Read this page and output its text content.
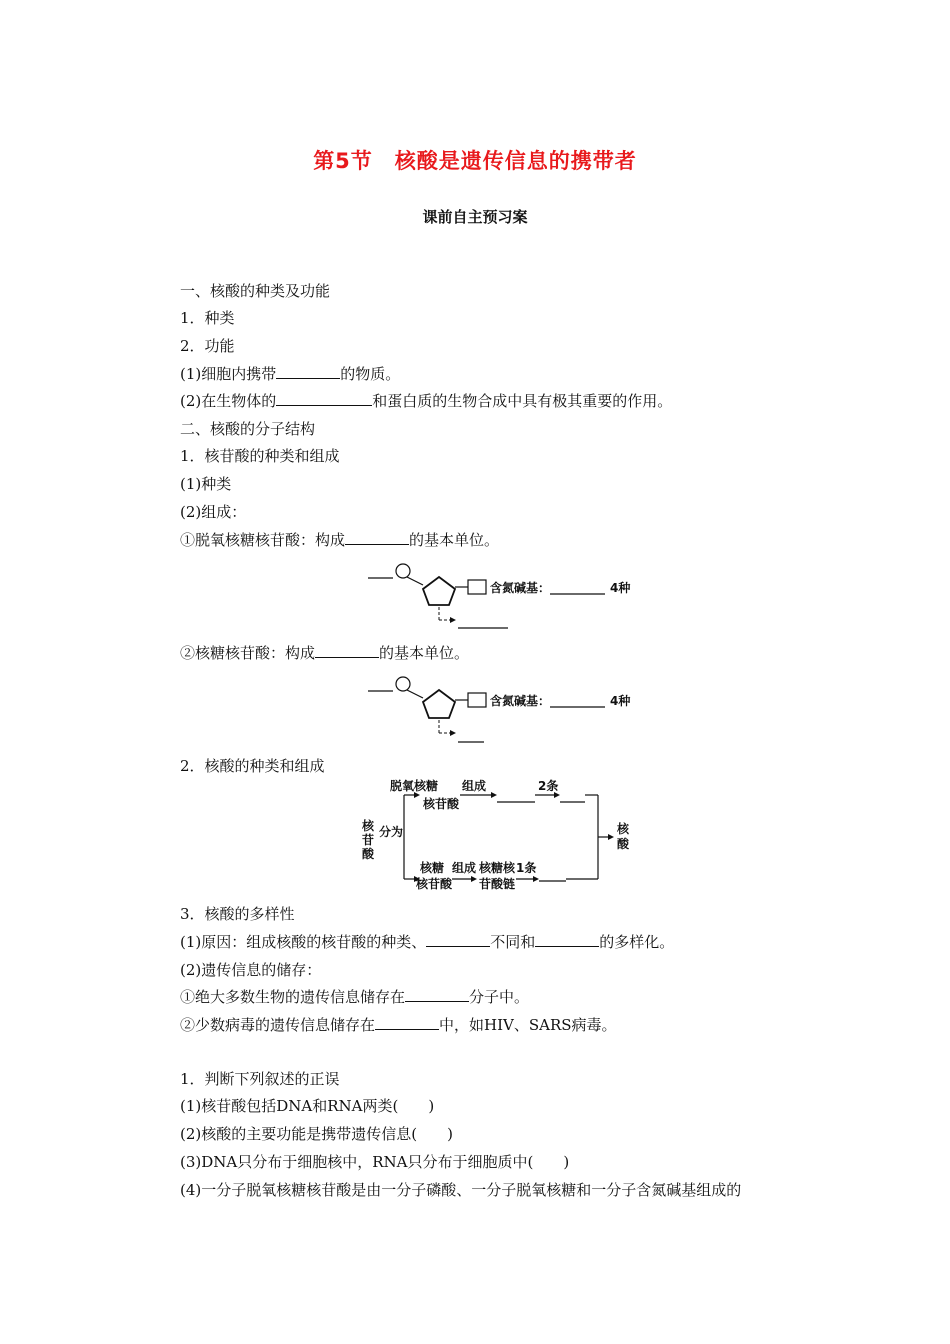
第5节　核酸是遗传信息的携带者
课前自主预习案
一、核酸的种类及功能
1．种类
2．功能
(1)细胞内携带	的物质。
(2)在生物体的	和蛋白质的生物合成中具有极其重要的作用。
二、核酸的分子结构
1．核苷酸的种类和组成
(1)种类
(2)组成：
①脱氧核糖核苷酸：构成	的基本单位。
含氮碱基：	4种
②核糖核苷酸：构成	的基本单位。
含氮碱基：	4种
2．核酸的种类和组成
核
苷
酸
分为
脱氧核糖
核苷酸
组成	2条
核糖
核苷酸
组成 核糖核
苷酸链
1条
核
酸
3．核酸的多样性
(1)原因：组成核酸的核苷酸的种类、	不同和	的多样化。
(2)遗传信息的储存：
①绝大多数生物的遗传信息储存在	分子中。
②少数病毒的遗传信息储存在	中，如HIV、SARS病毒。
1．判断下列叙述的正误
(1)核苷酸包括DNA和RNA两类(　　)
(2)核酸的主要功能是携带遗传信息(　　)
(3)DNA只分布于细胞核中，RNA只分布于细胞质中(　　)
(4)一分子脱氧核糖核苷酸是由一分子磷酸、一分子脱氧核糖和一分子含氮碱基组成的
